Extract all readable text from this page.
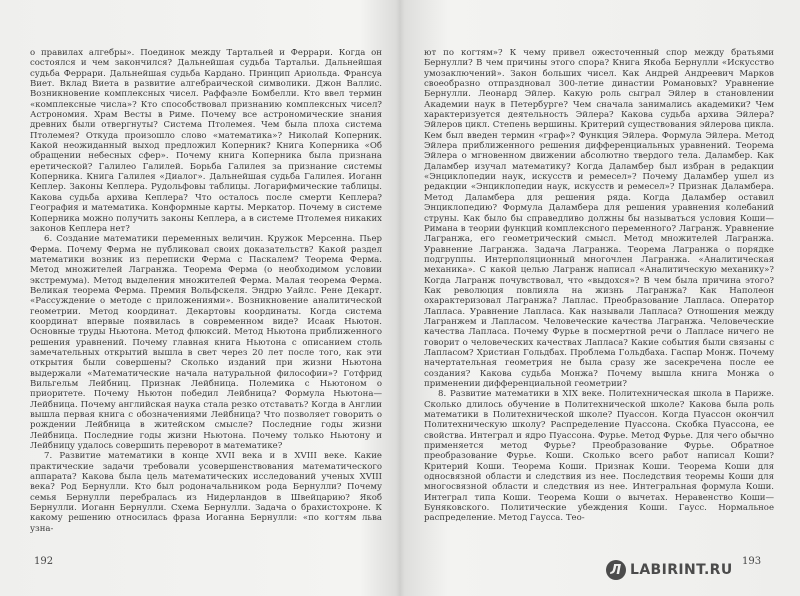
о правилах алгебры». Поединок между Тартальей и Феррари. Когда он состоялся и чем закончился? Дальнейшая судьба Тартальи. Дальнейшая судьба Феррари. Дальнейшая судьба Кардано. Принцип Ариольда. Франсуа Виет. Вклад Виета в развитие алгебраической символики. Джон Валлис. Возникновение комплексных чисел. Раффаэле Бомбелли. Кто ввел термин «комплексные числа»? Кто способствовал признанию комплексных чисел? Астрономия. Храм Весты в Риме. Почему все астрономические знания древних были отвергнуты? Система Птолемея. Чем была плоха система Птолемея? Откуда произошло слово «математика»? Николай Коперник. Какой неожиданный выход предложил Коперник? Книга Коперника «Об обращении небесных сфер». Почему книга Коперника была признана еретической? Галилео Галилей. Борьба Галилея за признание системы Коперника. Книга Галилея «Диалог». Дальнейшая судьба Галилея. Иоганн Кеплер. Законы Кеплера. Рудольфовы таблицы. Логарифмические таблицы. Какова судьба архива Кеплера? Что осталось после смерти Кеплера? География и математика. Конформные карты. Меркатор. Почему в системе Коперника можно получить законы Кеплера, а в системе Птолемея никаких законов Кеплера нет?

6. Создание математики переменных величин. Кружок Мерсенна. Пьер Ферма. Почему Ферма не публиковал своих доказательств? Какой раздел математики возник из переписки Ферма с Паскалем? Теорема Ферма. Метод множителей Лагранжа. Теорема Ферма (о необходимом условии экстремума). Метод выделения множителей Ферма. Малая теорема Ферма. Великая теорема Ферма. Премия Вольфскеля. Эндрю Уайлс. Рене Декарт. «Рассуждение о методе с приложениями». Возникновение аналитической геометрии. Метод координат. Декартовы координаты. Когда система координат впервые появилась в современном виде? Исаак Ньютон. Основные труды Ньютона. Метод флюксий. Метод Ньютона приближенного решения уравнений. Почему главная книга Ньютона с описанием столь замечательных открытий вышла в свет через 20 лет после того, как эти открытия были совершены? Сколько изданий при жизни Ньютона выдержали «Математические начала натуральной философии»? Готфрид Вильгельм Лейбниц. Признак Лейбница. Полемика с Ньютоном о приоритете. Почему Ньютон победил Лейбница? Формула Ньютона—Лейбница. Почему английская наука стала резко отставать? Когда в Англии вышла первая книга с обозначениями Лейбница? Что позволяет говорить о рождении Лейбница в житейском смысле? Последние годы жизни Лейбница. Последние годы жизни Ньютона. Почему только Ньютону и Лейбницу удалось совершить переворот в математике?

7. Развитие математики в конце XVII века и в XVIII веке. Какие практические задачи требовали усовершенствования математического аппарата? Какова была цель математических исследований ученых XVIII века? Род Бернулли. Кто был родоначальником рода Бернулли? Почему семья Бернулли перебралась из Нидерландов в Швейцарию? Якоб Бернулли. Иоганн Бернулли. Схема Бернулли. Задача о брахистохроне. К какому решению относилась фраза Иоганна Бернулли: «по когтям льва узна-

192

ют по когтям»? К чему привел ожесточенный спор между братьями Бернулли? В чем причины этого спора? Книга Якоба Бернулли «Искусство умозаключений». Закон больших чисел. Как Андрей Андреевич Марков своеобразно отпраздновал 300-летие династии Романовых? Уравнение Бернулли. Леонард Эйлер. Какую роль сыграл Эйлер в становлении Академии наук в Петербурге? Чем сначала занимались академики? Чем характеризуется деятельность Эйлера? Какова судьба архива Эйлера? Эйлеров цикл. Степень вершины. Критерий существования эйлерова цикла. Кем был введен термин «граф»? Функция Эйлера. Формула Эйлера. Метод Эйлера приближенного решения дифференциальных уравнений. Теорема Эйлера о мгновенном движении абсолютно твердого тела. Даламбер. Как Даламбер изучал математику? Когда Даламбер был избран в редакции «Энциклопедии наук, искусств и ремесел»? Почему Даламбер ушел из редакции «Энциклопедии наук, искусств и ремесел»? Признак Даламбера. Метод Даламбера для решения ряда. Когда Даламбер оставил Энциклопедию? Формула Даламбера для решения уравнения колебаний струны. Как было бы справедливо должны бы называться условия Коши—Римана в теории функций комплексного переменного? Лагранж. Уравнение Лагранжа, его геометрический смысл. Метод множителей Лагранжа. Уравнение Лагранжа. Задача Лагранжа. Теорема Лагранжа о порядке подгруппы. Интерполяционный многочлен Лагранжа. «Аналитическая механика». С какой целью Лагранж написал «Аналитическую механику»? Когда Лагранж почувствовал, что «выдохся»? В чем была причина этого? Как революция повлияла на жизнь Лагранжа? Как Наполеон охарактеризовал Лагранжа? Лаплас. Преобразование Лапласа. Оператор Лапласа. Уравнение Лапласа. Как называли Лапласа? Отношения между Лагранжем и Лапласом. Человеческие качества Лагранжа. Человеческие качества Лапласа. Почему Фурье в посмертной речи о Лапласе ничего не говорит о человеческих качествах Лапласа? Какие события были связаны с Лапласом? Христиан Гольдбах. Проблема Гольдбаха. Гаспар Монж. Почему начертательная геометрия не была сразу же засекречена после ее создания? Какова судьба Монжа? Почему вышла книга Монжа о применении дифференциальной геометрии?

8. Развитие математики в XIX веке. Политехническая школа в Париже. Сколько длилось обучение в Политехнической школе? Какова была роль математики в Политехнической школе? Пуассон. Когда Пуассон окончил Политехническую школу? Распределение Пуассона. Скобка Пуассона, ее свойства. Интеграл и ядро Пуассона. Фурье. Метод Фурье. Для чего обычно применяется метод Фурье? Преобразование Фурье. Обратное преобразование Фурье. Коши. Сколько всего работ написал Коши? Критерий Коши. Теорема Коши. Признак Коши. Теорема Коши для односвязной области и следствия из нее. Последствия теоремы Коши для многосвязной области и следствия из нее. Интегральная формула Коши. Интеграл типа Коши. Теорема Коши о вычетах. Неравенство Коши—Буняковского. Политические убеждения Коши. Гаусс. Нормальное распределение. Метод Гаусса. Тео-

193
Л LABIRINT.RU
